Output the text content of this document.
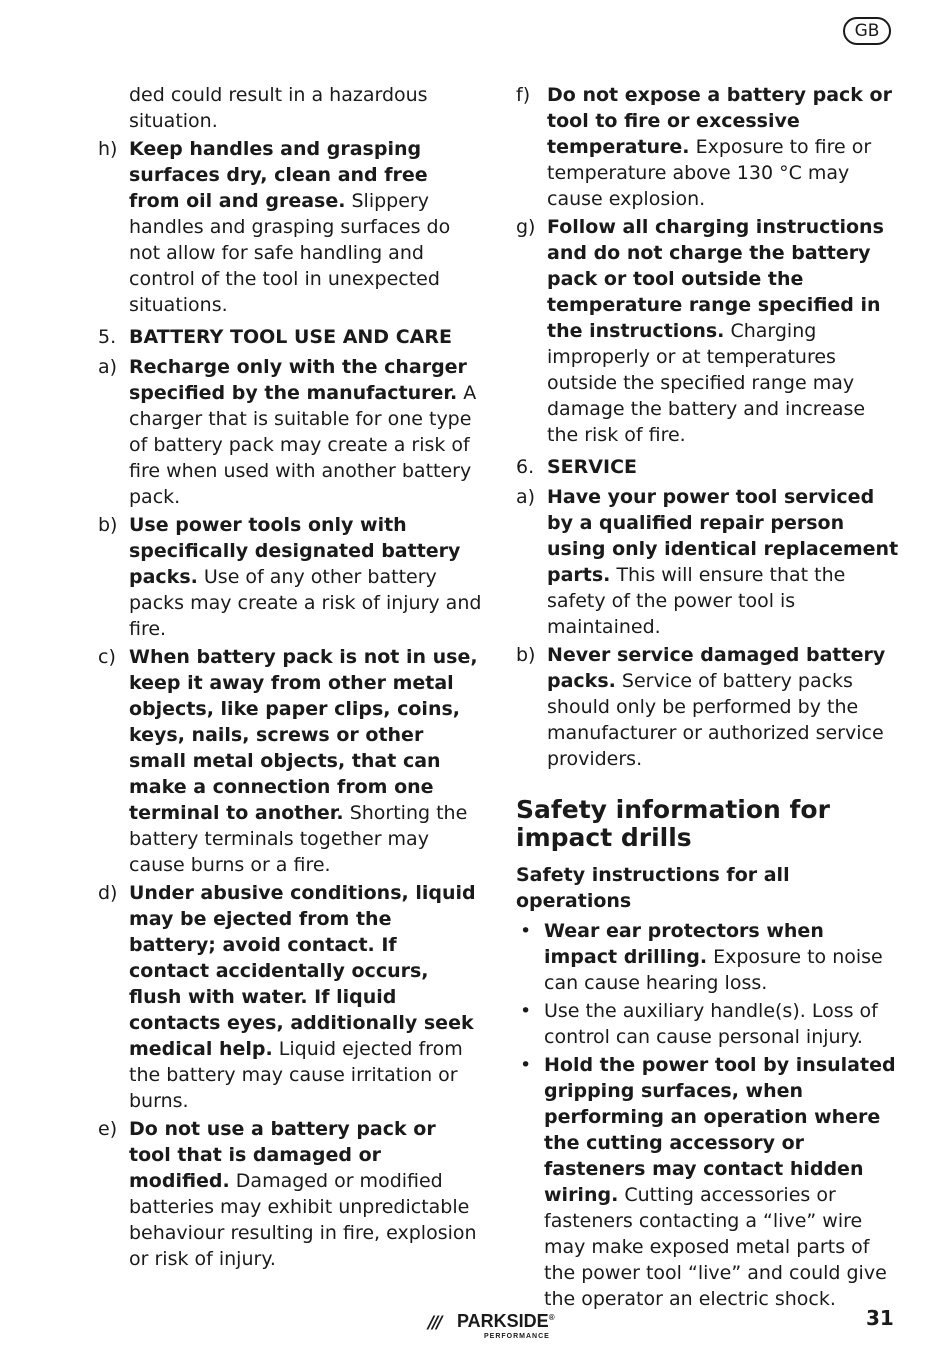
GB
ded could result in a hazardous situation.
h) Keep handles and grasping surfaces dry, clean and free from oil and grease. Slippery handles and grasping surfaces do not allow for safe handling and control of the tool in unexpected situations.
5. BATTERY TOOL USE AND CARE
a) Recharge only with the charger specified by the manufacturer. A charger that is suitable for one type of battery pack may create a risk of fire when used with another battery pack.
b) Use power tools only with specifically designated battery packs. Use of any other battery packs may create a risk of injury and fire.
c) When battery pack is not in use, keep it away from other metal objects, like paper clips, coins, keys, nails, screws or other small metal objects, that can make a connection from one terminal to another. Shorting the battery terminals together may cause burns or a fire.
d) Under abusive conditions, liquid may be ejected from the battery; avoid contact. If contact accidentally occurs, flush with water. If liquid contacts eyes, additionally seek medical help. Liquid ejected from the battery may cause irritation or burns.
e) Do not use a battery pack or tool that is damaged or modified. Damaged or modified batteries may exhibit unpredictable behaviour resulting in fire, explosion or risk of injury.
f) Do not expose a battery pack or tool to fire or excessive temperature. Exposure to fire or temperature above 130 °C may cause explosion.
g) Follow all charging instructions and do not charge the battery pack or tool outside the temperature range specified in the instructions. Charging improperly or at temperatures outside the specified range may damage the battery and increase the risk of fire.
6. SERVICE
a) Have your power tool serviced by a qualified repair person using only identical replacement parts. This will ensure that the safety of the power tool is maintained.
b) Never service damaged battery packs. Service of battery packs should only be performed by the manufacturer or authorized service providers.
Safety information for impact drills
Safety instructions for all operations
• Wear ear protectors when impact drilling. Exposure to noise can cause hearing loss.
• Use the auxiliary handle(s). Loss of control can cause personal injury.
• Hold the power tool by insulated gripping surfaces, when performing an operation where the cutting accessory or fasteners may contact hidden wiring. Cutting accessories or fasteners contacting a “live” wire may make exposed metal parts of the power tool “live” and could give the operator an electric shock.
/// PARKSIDE®
PERFORMANCE
31
